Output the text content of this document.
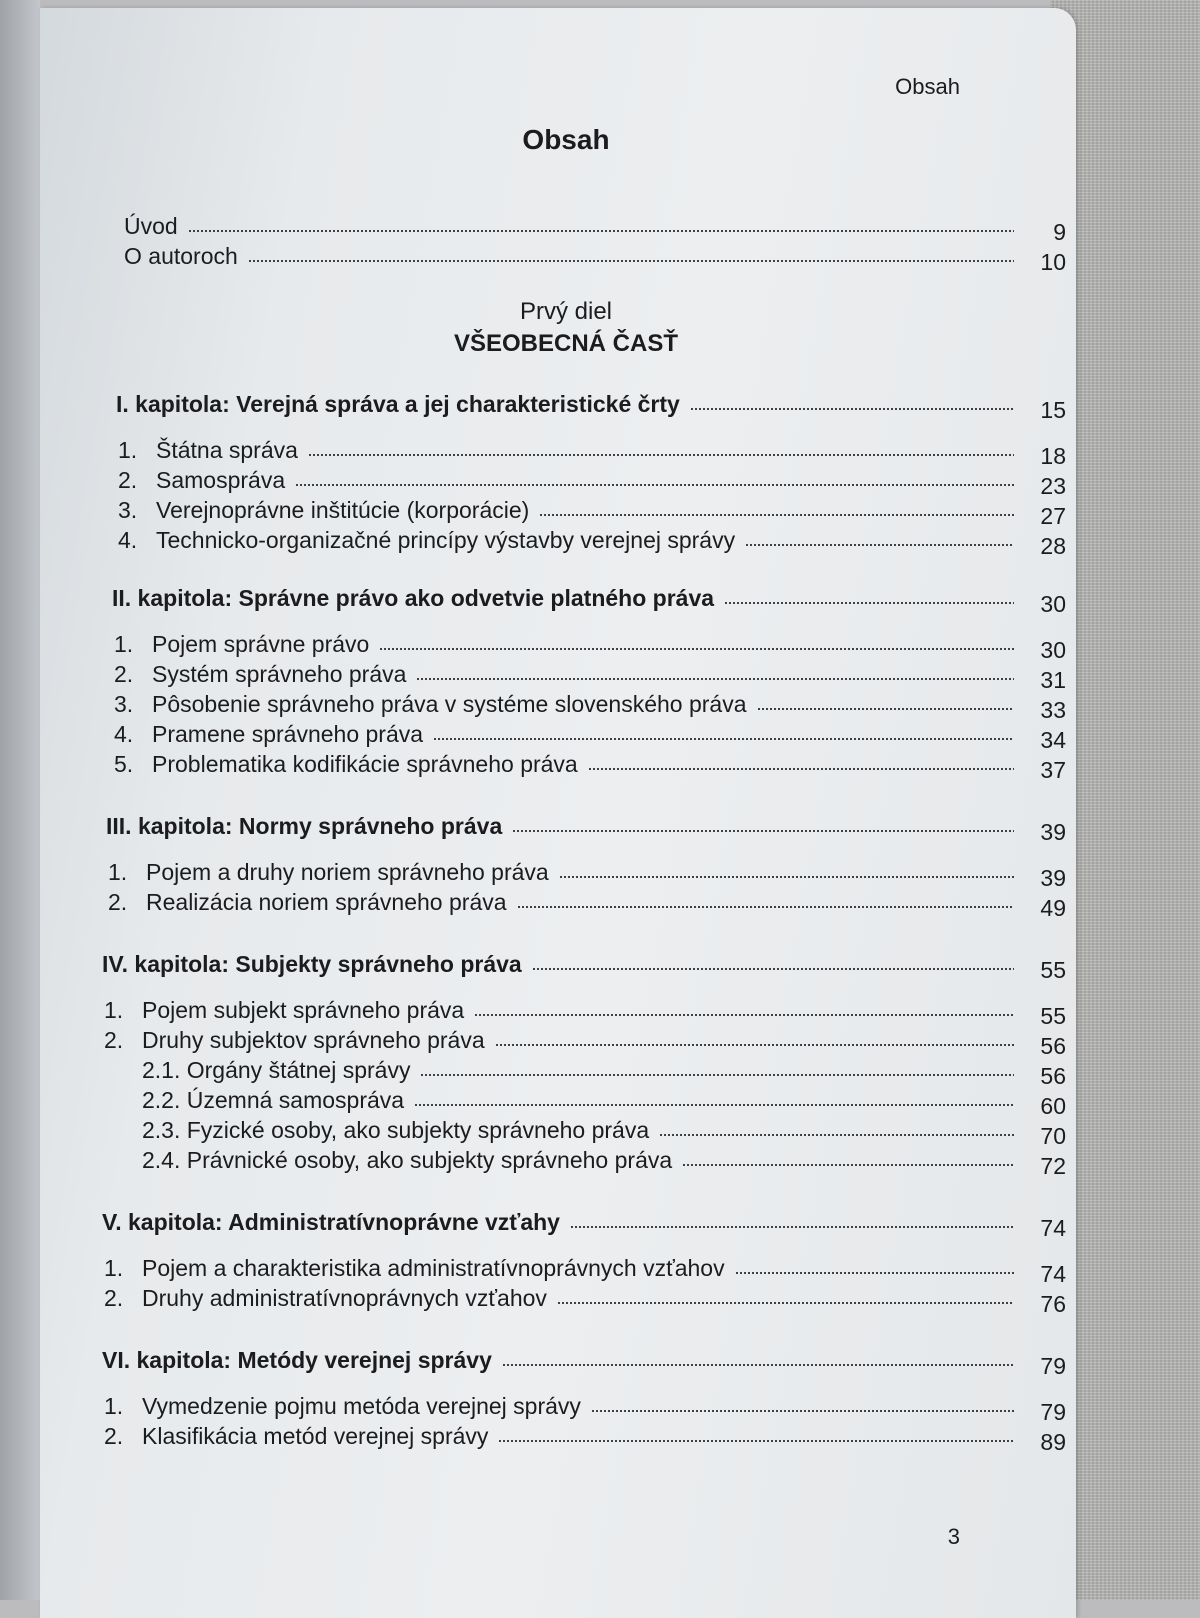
Obsah
Obsah
Prvý diel
VŠEOBECNÁ ČASŤ
Úvod	9
O autoroch	10
I. kapitola: Verejná správa a jej charakteristické črty	15
1. Štátna správa	18
2. Samospráva	23
3. Verejnoprávne inštitúcie (korporácie)	27
4. Technicko-organizačné princípy výstavby verejnej správy	28
II. kapitola: Správne právo ako odvetvie platného práva	30
1. Pojem správne právo	30
2. Systém správneho práva	31
3. Pôsobenie správneho práva v systéme slovenského práva	33
4. Pramene správneho práva	34
5. Problematika kodifikácie správneho práva	37
III. kapitola: Normy správneho práva	39
1. Pojem a druhy noriem správneho práva	39
2. Realizácia noriem správneho práva	49
IV. kapitola: Subjekty správneho práva	55
1. Pojem subjekt správneho práva	55
2. Druhy subjektov správneho práva	56
2.1. Orgány štátnej správy	56
2.2. Územná samospráva	60
2.3. Fyzické osoby, ako subjekty správneho práva	70
2.4. Právnické osoby, ako subjekty správneho práva	72
V. kapitola: Administratívnoprávne vzťahy	74
1. Pojem a charakteristika administratívnoprávnych vzťahov	74
2. Druhy administratívnoprávnych vzťahov	76
VI. kapitola: Metódy verejnej správy	79
1. Vymedzenie pojmu metóda verejnej správy	79
2. Klasifikácia metód verejnej správy	89
3
